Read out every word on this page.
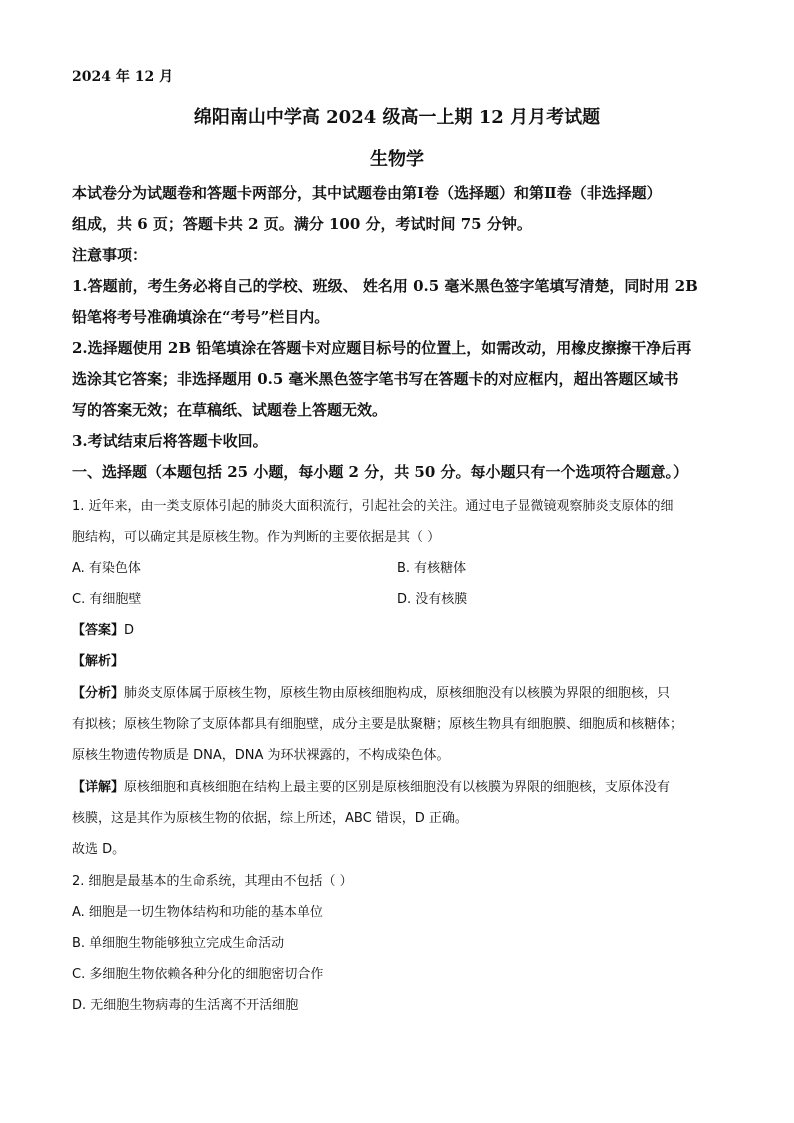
2024 年 12 月
绵阳南山中学高 2024 级高一上期 12 月月考试题
生物学
本试卷分为试题卷和答题卡两部分，其中试题卷由第Ⅰ卷（选择题）和第Ⅱ卷（非选择题）
组成，共 6 页；答题卡共 2 页。满分 100 分，考试时间 75 分钟。
注意事项：
1.答题前，考生务必将自己的学校、班级、 姓名用 0.5 毫米黑色签字笔填写清楚，同时用 2B
铅笔将考号准确填涂在“考号”栏目内。
2.选择题使用 2B 铅笔填涂在答题卡对应题目标号的位置上，如需改动，用橡皮擦擦干净后再
选涂其它答案；非选择题用 0.5 毫米黑色签字笔书写在答题卡的对应框内，超出答题区域书
写的答案无效；在草稿纸、试题卷上答题无效。
3.考试结束后将答题卡收回。
一、选择题（本题包括 25 小题，每小题 2 分，共 50 分。每小题只有一个选项符合题意。）
1. 近年来，由一类支原体引起的肺炎大面积流行，引起社会的关注。通过电子显微镜观察肺炎支原体的细
胞结构，可以确定其是原核生物。作为判断的主要依据是其（ ）
A. 有染色体	B. 有核糖体
C. 有细胞壁	D. 没有核膜
【答案】D
【解析】
【分析】肺炎支原体属于原核生物，原核生物由原核细胞构成，原核细胞没有以核膜为界限的细胞核，只
有拟核；原核生物除了支原体都具有细胞壁，成分主要是肽聚糖；原核生物具有细胞膜、细胞质和核糖体；
原核生物遗传物质是 DNA，DNA 为环状裸露的，不构成染色体。
【详解】原核细胞和真核细胞在结构上最主要的区别是原核细胞没有以核膜为界限的细胞核，支原体没有
核膜，这是其作为原核生物的依据，综上所述，ABC 错误，D 正确。
故选 D。
2. 细胞是最基本的生命系统，其理由不包括（ ）
A. 细胞是一切生物体结构和功能的基本单位
B. 单细胞生物能够独立完成生命活动
C. 多细胞生物依赖各种分化的细胞密切合作
D. 无细胞生物病毒的生活离不开活细胞
